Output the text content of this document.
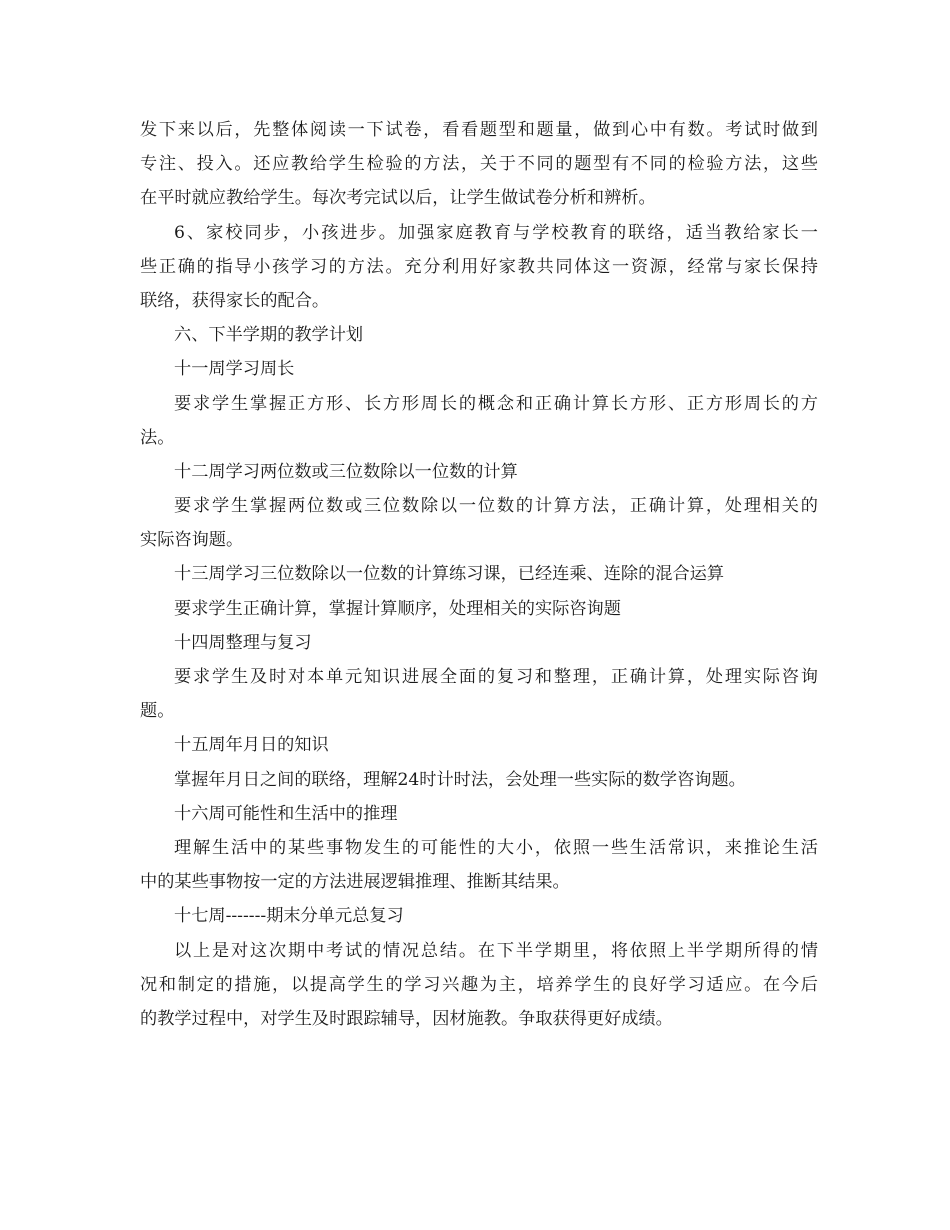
发下来以后，先整体阅读一下试卷，看看题型和题量，做到心中有数。考试时做到
专注、投入。还应教给学生检验的方法，关于不同的题型有不同的检验方法，这些
在平时就应教给学生。每次考完试以后，让学生做试卷分析和辨析。
6、家校同步，小孩进步。加强家庭教育与学校教育的联络，适当教给家长一
些正确的指导小孩学习的方法。充分利用好家教共同体这一资源，经常与家长保持
联络，获得家长的配合。
六、下半学期的教学计划
十一周学习周长
要求学生掌握正方形、长方形周长的概念和正确计算长方形、正方形周长的方
法。
十二周学习两位数或三位数除以一位数的计算
要求学生掌握两位数或三位数除以一位数的计算方法，正确计算，处理相关的
实际咨询题。
十三周学习三位数除以一位数的计算练习课，已经连乘、连除的混合运算
要求学生正确计算，掌握计算顺序，处理相关的实际咨询题
十四周整理与复习
要求学生及时对本单元知识进展全面的复习和整理，正确计算，处理实际咨询
题。
十五周年月日的知识
掌握年月日之间的联络，理解24时计时法，会处理一些实际的数学咨询题。
十六周可能性和生活中的推理
理解生活中的某些事物发生的可能性的大小，依照一些生活常识，来推论生活
中的某些事物按一定的方法进展逻辑推理、推断其结果。
十七周-------期末分单元总复习
以上是对这次期中考试的情况总结。在下半学期里，将依照上半学期所得的情
况和制定的措施，以提高学生的学习兴趣为主，培养学生的良好学习适应。在今后
的教学过程中，对学生及时跟踪辅导，因材施教。争取获得更好成绩。
